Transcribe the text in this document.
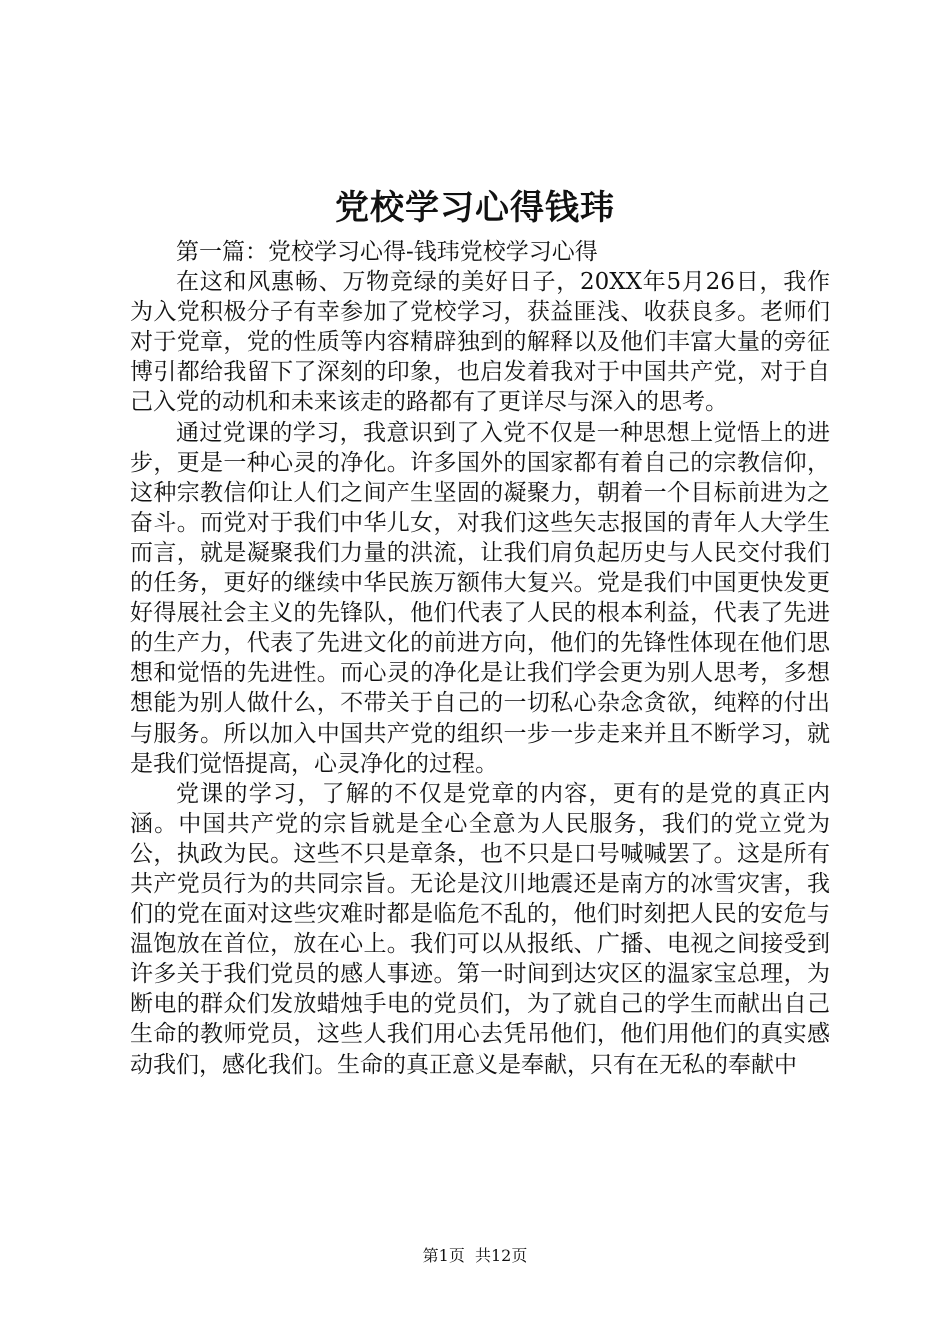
党校学习心得钱玮

第一篇：党校学习心得-钱玮党校学习心得

在这和风惠畅、万物竞绿的美好日子，20XX年5月26日，我作为入党积极分子有幸参加了党校学习，获益匪浅、收获良多。老师们对于党章，党的性质等内容精辟独到的解释以及他们丰富大量的旁征博引都给我留下了深刻的印象，也启发着我对于中国共产党，对于自己入党的动机和未来该走的路都有了更详尽与深入的思考。

通过党课的学习，我意识到了入党不仅是一种思想上觉悟上的进步，更是一种心灵的净化。许多国外的国家都有着自己的宗教信仰，这种宗教信仰让人们之间产生坚固的凝聚力，朝着一个目标前进为之奋斗。而党对于我们中华儿女，对我们这些矢志报国的青年人大学生而言，就是凝聚我们力量的洪流，让我们肩负起历史与人民交付我们的任务，更好的继续中华民族万额伟大复兴。党是我们中国更快发更好得展社会主义的先锋队，他们代表了人民的根本利益，代表了先进的生产力，代表了先进文化的前进方向，他们的先锋性体现在他们思想和觉悟的先进性。而心灵的净化是让我们学会更为别人思考，多想想能为别人做什么，不带关于自己的一切私心杂念贪欲，纯粹的付出与服务。所以加入中国共产党的组织一步一步走来并且不断学习，就是我们觉悟提高，心灵净化的过程。

党课的学习，了解的不仅是党章的内容，更有的是党的真正内涵。中国共产党的宗旨就是全心全意为人民服务，我们的党立党为公，执政为民。这些不只是章条，也不只是口号喊喊罢了。这是所有共产党员行为的共同宗旨。无论是汶川地震还是南方的冰雪灾害，我们的党在面对这些灾难时都是临危不乱的，他们时刻把人民的安危与温饱放在首位，放在心上。我们可以从报纸、广播、电视之间接受到许多关于我们党员的感人事迹。第一时间到达灾区的温家宝总理，为断电的群众们发放蜡烛手电的党员们，为了就自己的学生而献出自己生命的教师党员，这些人我们用心去凭吊他们，他们用他们的真实感动我们，感化我们。生命的真正意义是奉献，只有在无私的奉献中

第1页  共12页
